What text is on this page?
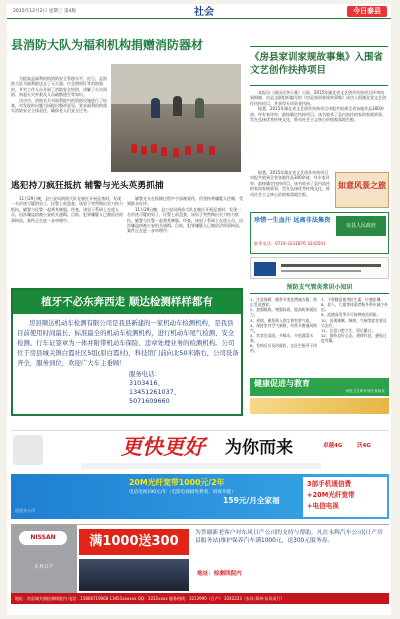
2015年12月2日 星期三 第4版	社会	今日泰县
县消防大队为福利机构捐赠消防器材

为提高县福利机构消防安全管理水平，近日，县消防大队为福利院送去了灭火器、应急照明灯等消防器材，并对工作人员开展了消防安全培训，讲解了火灾预防、初起火灾扑救及人员疏散逃生等知识。

活动中，消防官兵对福利院内的消防设施进行了检查，对发现的问题当场提出整改意见，要求福利机构落实消防安全主体责任，确保老人们安全过冬。

《房县家训家规故事集》入围省文艺创作扶持项目

本报讯（通讯员李小燕）日前，2015年湖北省文艺创作扶持项目评审结果揭晓，由县文联组织编写的《房县家训家规故事集》成功入围湖北省文艺创作扶持项目，并获得专项资金扶持。

据悉，2015年湖北省文艺创作扶持项目申报共收到全省各地作品300余部，经专家评审，最终确定扶持项目。该书收录了县内流传的家训家规故事，旨在弘扬优秀传统文化，推动社会主义核心价值观落地生根。

据悉，2015年湖北省文艺创作扶持项目申报共收到全省各地作品300余部，经专家评审，最终确定扶持项目。该书收录了县内流传的家训家规故事，旨在弘扬优秀传统文化，推动社会主义核心价值观落地生根。

如意风景之旅
逃犯持刀疯狂抵抗 辅警与光头英勇抓捕

11月29日晚，县公安局刑侦大队在辖区开展巡查时，发现一名形迹可疑的男子，民警上前盘查，该男子突然掏出尖刀持刀抵抗，辅警与民警一起将其制服。经查，该男子系网上在逃人员，因涉嫌盗窃被公安机关通缉。目前，犯罪嫌疑人已被依法刑事拘留，案件正在进一步审理中。

辅警光头在抓捕过程中手部被划伤，仍坚持将嫌疑人控制，受到群众好评。

11月29日晚，县公安局刑侦大队在辖区开展巡查时，发现一名形迹可疑的男子，民警上前盘查，该男子突然掏出尖刀持刀抵抗，辅警与民警一起将其制服。经查，该男子系网上在逃人员，因涉嫌盗窃被公安机关通缉。目前，犯罪嫌疑人已被依法刑事拘留，案件正在进一步审理中。

珍惜一生血汗 远离非法集资
房县人民政府
联系电话：0719-3231876 3242501
植牙不必东奔西走 顺达检测样样都有
房县顺达机动车检测有限公司是我县新建的一家机动车检测机构，是我县目前使用时间最长、标准最全的机动车检测机构，进行机动车尾气检测、安全检测、行车证签章为一体并附带机动车保险、违章处理业务的检测机构。公司位于房县城关镇白霞社区5组(原白霞村)，科技馆门前向北50米路右，公司设备齐全，服务到位，欢迎广大车主垂顾！
服务电话：
3103416、
13451261037、
5071609660
预防支气管炎常识小知识

1、注意保暖，随季节变化增减衣服，防止受凉感冒。

2、加强锻炼，增强体质，提高机体抵抗力。

3、戒烟，避免吸入烟尘和有害气体。

4、保持室内空气新鲜，经常开窗通风换气。

5、饮食宜清淡，多喝水，多吃蔬菜水果。

6、发病后应及时就医，在医生指导下用药。

7、不要随意使用抗生素，应遵医嘱。

8、老人、儿童等体弱者秋冬季应减少外出。

9、流感高发季节可接种疫苗预防。

10、出现咳嗽、咳痰、气喘等症状要及早治疗。

11、注意口腔卫生，饭后漱口。

12、保持良好心态，规律作息，避免过度劳累。

健康促进与教育
房县卫生和计划生育局宣
更快更好 为你而来	卓越4G	沃4G
20M光纤宽带1000元/2年
电信电视190元/年（电影电视剧免费看、回看功能）
159元/月全家福
3部手机通信费
+20M光纤宽带
+电信电视
房县分公司
NISSAN
东风日产
满1000送300
为答谢新老客户对东风日产公司的支持与帮助，凡在永辉汽车公司(日产房县服务站)维护保养汽车满1000元，送300元服务券。
地址：检测线院内
地址：房县城关镇检测线院内 电话：15806719068 13451xxxxxx QQ：3222xxxx 服务热线：3212990（日产） 3242223（东风·郑州·东风风行）
